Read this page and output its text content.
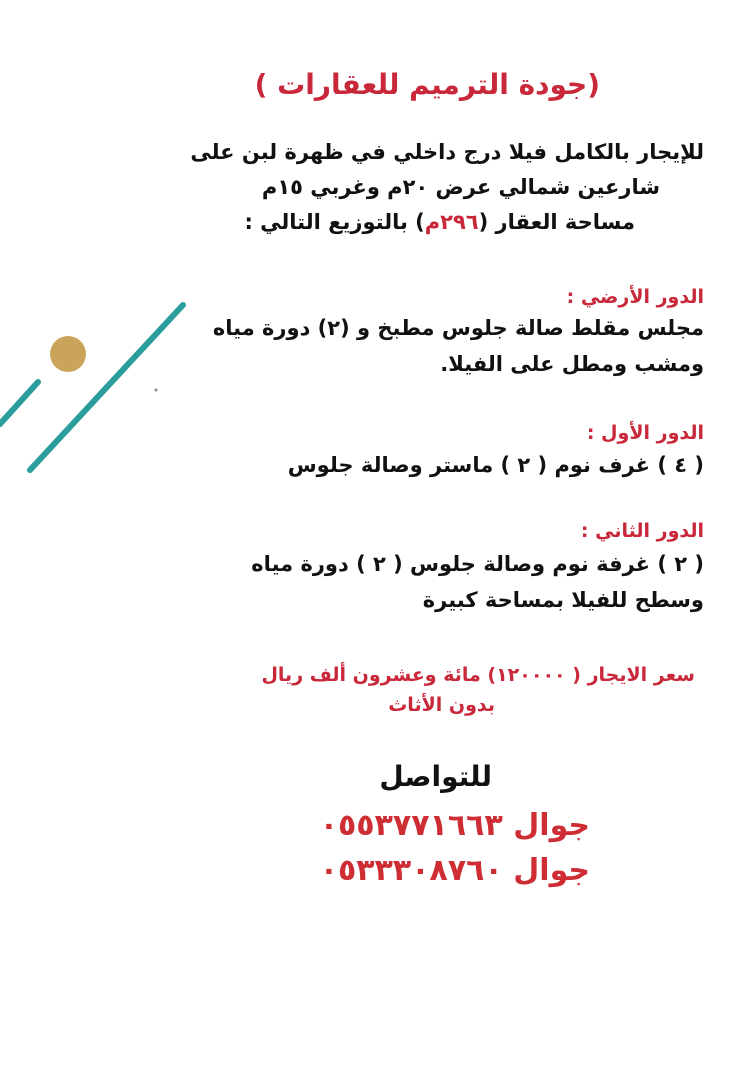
(جودة الترميم للعقارات )
للإيجار بالكامل فيلا درج داخلي في ظهرة لبن على
شارعين شمالي عرض ٢٠م وغربي ١٥م
مساحة العقار (٢٩٦م) بالتوزيع التالي :
الدور الأرضي :
مجلس مقلط صالة جلوس مطبخ و (٢) دورة مياه
ومشب ومطل على الفيلا.
الدور الأول :
( ٤ ) غرف نوم ( ٢ ) ماستر وصالة جلوس
الدور الثاني :
( ٢ ) غرفة نوم وصالة جلوس ( ٢ ) دورة مياه
وسطح للفيلا بمساحة كبيرة
سعر الايجار ( ١٢٠٠٠٠) مائة وعشرون ألف ريال
بدون الأثاث
للتواصل
جوال ٠٥٥٣٧٧١٦٦٣
جوال ٠٥٣٣٣٠٨٧٦٠
